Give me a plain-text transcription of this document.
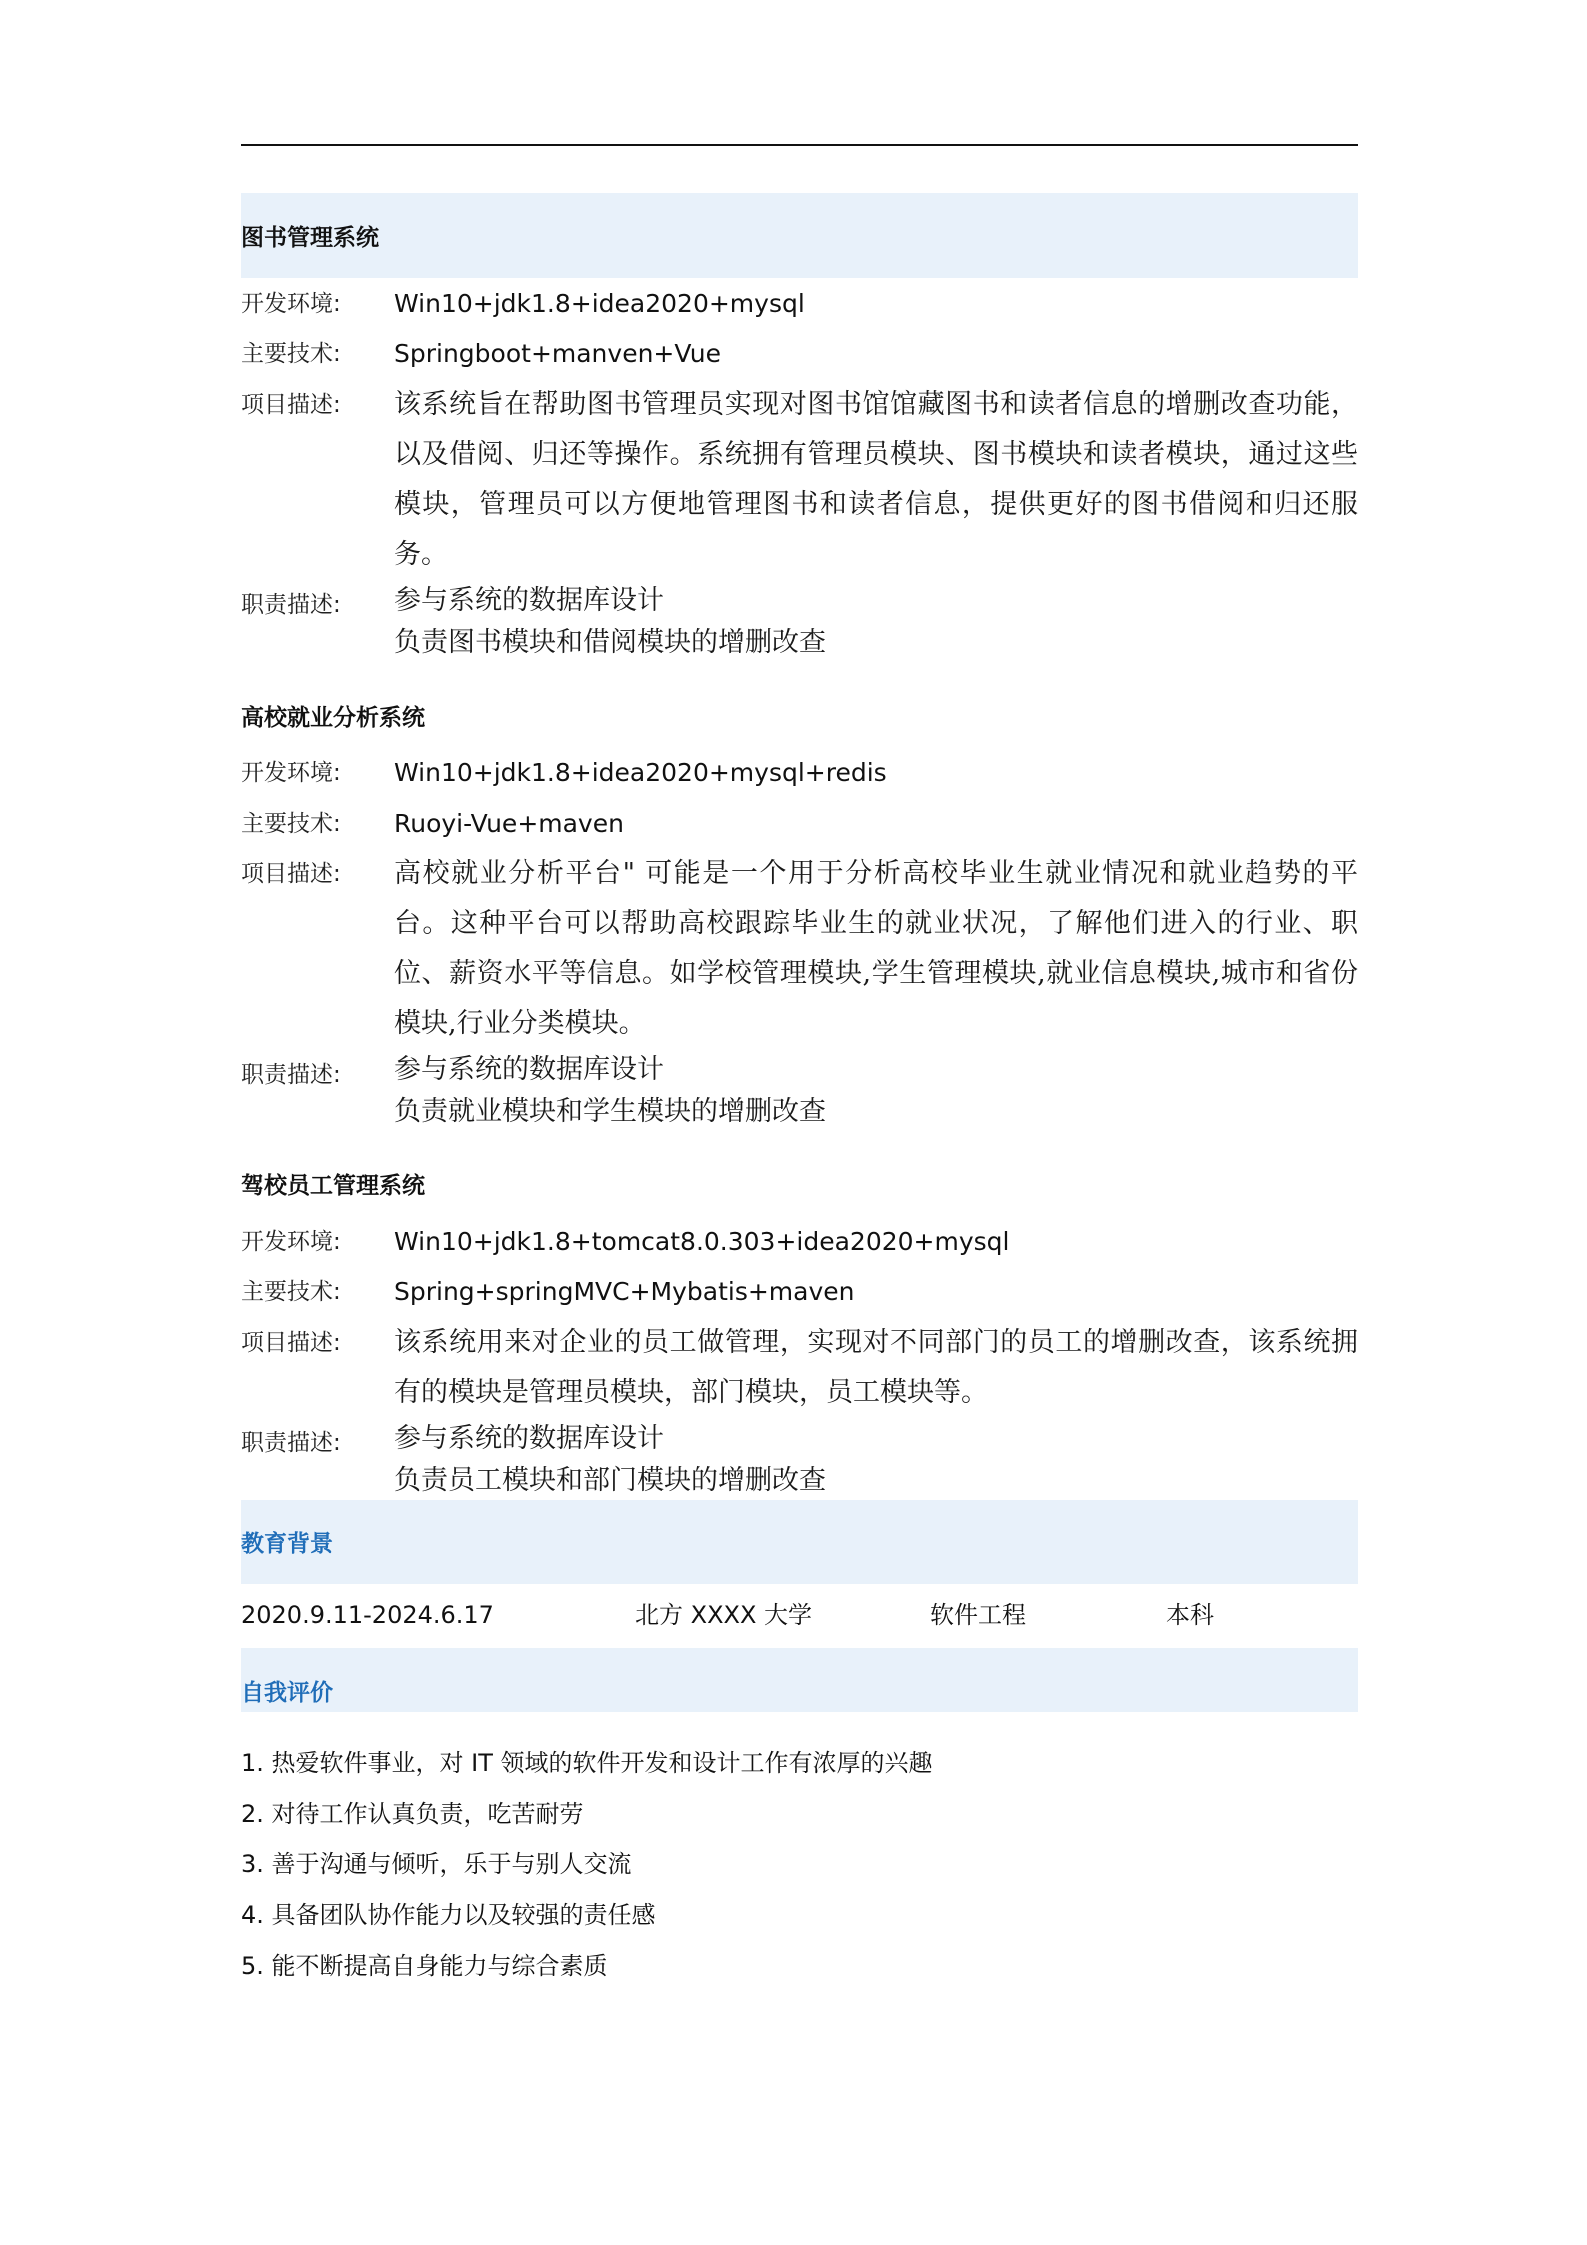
图书管理系统
开发环境: Win10+jdk1.8+idea2020+mysql
主要技术: Springboot+manven+Vue
项目描述: 该系统旨在帮助图书管理员实现对图书馆馆藏图书和读者信息的增删改查功能，以及借阅、归还等操作。系统拥有管理员模块、图书模块和读者模块，通过这些模块，管理员可以方便地管理图书和读者信息，提供更好的图书借阅和归还服务。
职责描述: 参与系统的数据库设计
负责图书模块和借阅模块的增删改查
高校就业分析系统
开发环境: Win10+jdk1.8+idea2020+mysql+redis
主要技术: Ruoyi-Vue+maven
项目描述: 高校就业分析平台" 可能是一个用于分析高校毕业生就业情况和就业趋势的平台。这种平台可以帮助高校跟踪毕业生的就业状况，了解他们进入的行业、职位、薪资水平等信息。如学校管理模块,学生管理模块,就业信息模块,城市和省份模块,行业分类模块。
职责描述: 参与系统的数据库设计
负责就业模块和学生模块的增删改查
驾校员工管理系统
开发环境: Win10+jdk1.8+tomcat8.0.303+idea2020+mysql
主要技术: Spring+springMVC+Mybatis+maven
项目描述: 该系统用来对企业的员工做管理，实现对不同部门的员工的增删改查，该系统拥有的模块是管理员模块，部门模块，员工模块等。
职责描述: 参与系统的数据库设计
负责员工模块和部门模块的增删改查
教育背景
2020.9.11-2024.6.17	北方 XXXX 大学	软件工程	本科
自我评价
1. 热爱软件事业，对 IT 领域的软件开发和设计工作有浓厚的兴趣
2. 对待工作认真负责，吃苦耐劳
3. 善于沟通与倾听，乐于与别人交流
4. 具备团队协作能力以及较强的责任感
5. 能不断提高自身能力与综合素质
